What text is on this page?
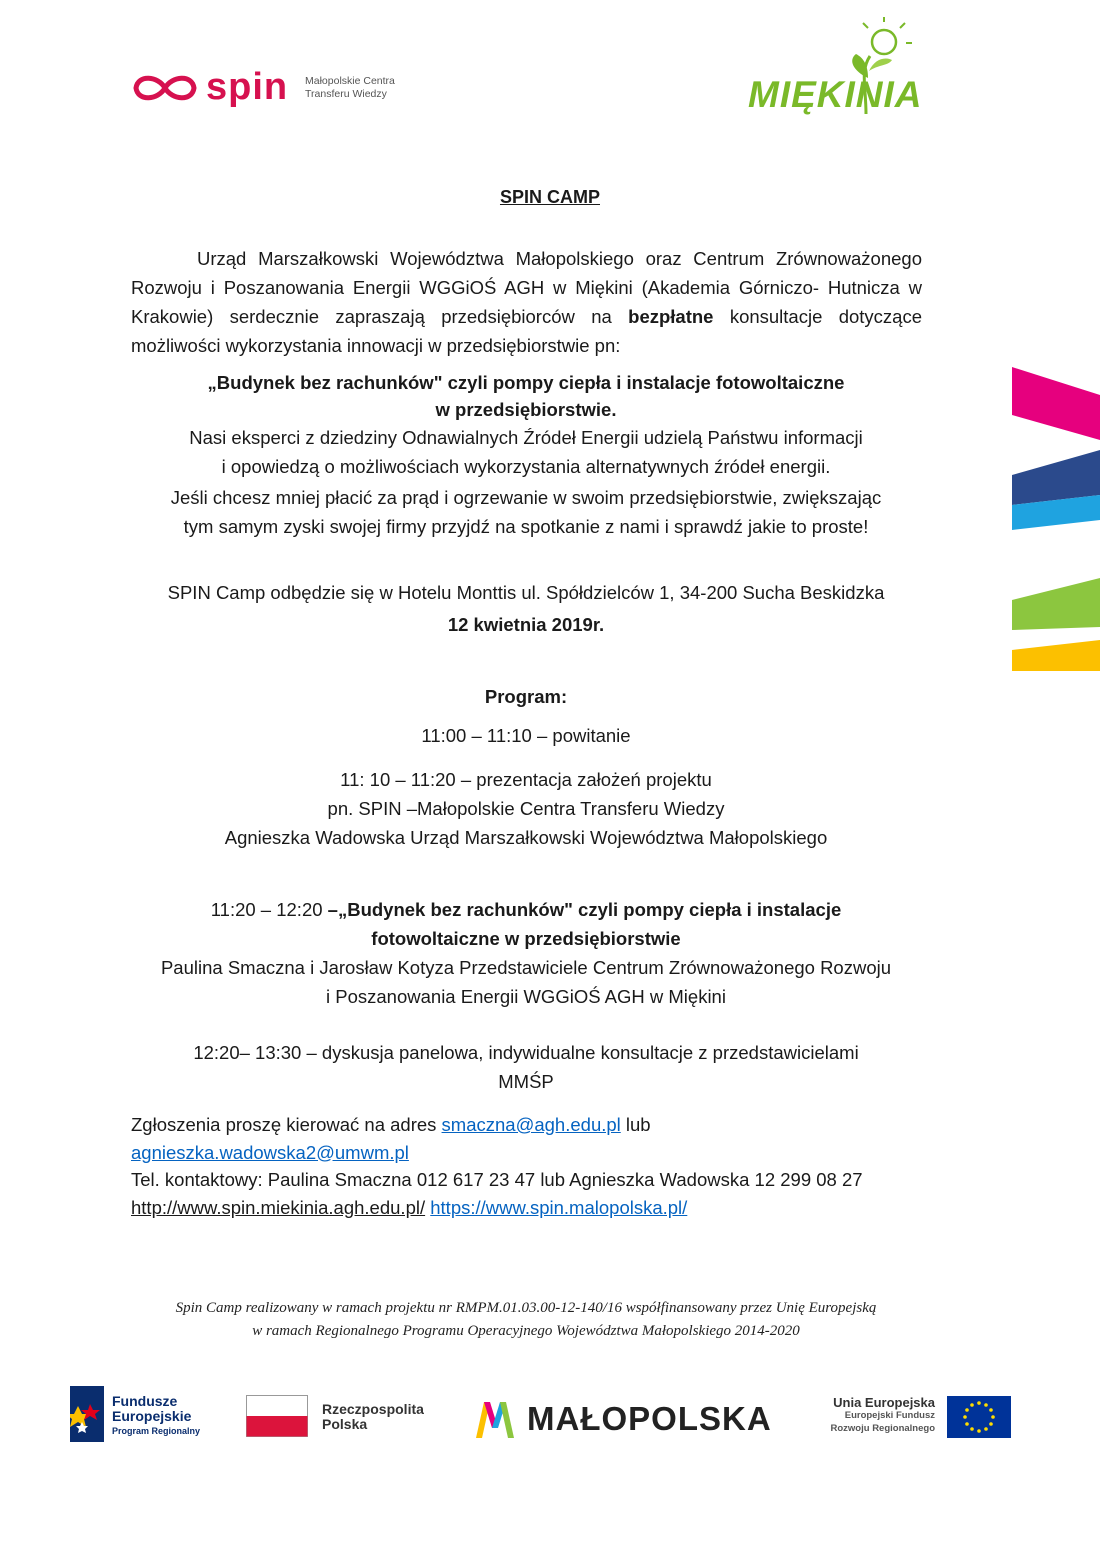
spin Małopolskie Centra Transferu Wiedzy	MIĘKINIA
SPIN CAMP
Urząd Marszałkowski Województwa Małopolskiego oraz Centrum Zrównoważonego Rozwoju i Poszanowania Energii WGGiOŚ AGH w Miękini (Akademia Górniczo- Hutnicza w Krakowie) serdecznie zapraszają przedsiębiorców na bezpłatne konsultacje dotyczące możliwości wykorzystania innowacji w przedsiębiorstwie pn:
„Budynek bez rachunków" czyli pompy ciepła i instalacje fotowoltaiczne
w przedsiębiorstwie.
Nasi eksperci z dziedziny Odnawialnych Źródeł Energii udzielą Państwu informacji
i opowiedzą o możliwościach wykorzystania alternatywnych źródeł energii.
Jeśli chcesz mniej płacić za prąd i ogrzewanie w swoim przedsiębiorstwie, zwiększając
tym samym zyski swojej firmy przyjdź na spotkanie z nami i sprawdź jakie to proste!
SPIN Camp odbędzie się w Hotelu Monttis ul. Spółdzielców 1, 34-200 Sucha Beskidzka
12 kwietnia 2019r.
Program:
11:00 – 11:10 – powitanie
11: 10 – 11:20 – prezentacja założeń projektu
pn. SPIN –Małopolskie Centra Transferu Wiedzy
Agnieszka Wadowska Urząd Marszałkowski Województwa Małopolskiego
11:20 – 12:20 –„Budynek bez rachunków" czyli pompy ciepła i instalacje
fotowoltaiczne w przedsiębiorstwie
Paulina Smaczna i Jarosław Kotyza Przedstawiciele Centrum Zrównoważonego Rozwoju
i Poszanowania Energii WGGiOŚ AGH w Miękini
12:20– 13:30 – dyskusja panelowa, indywidualne konsultacje z przedstawicielami
MMŚP
Zgłoszenia proszę kierować na adres smaczna@agh.edu.pl lub
agnieszka.wadowska2@umwm.pl
Tel. kontaktowy: Paulina Smaczna 012 617 23 47 lub Agnieszka Wadowska 12 299 08 27
http://www.spin.miekinia.agh.edu.pl/ https://www.spin.malopolska.pl/
Spin Camp realizowany w ramach projektu nr RMPM.01.03.00-12-140/16 współfinansowany przez Unię Europejską
w ramach Regionalnego Programu Operacyjnego Województwa Małopolskiego 2014-2020
Fundusze
Europejskie
Program Regionalny
Rzeczpospolita
Polska	MAŁOPOLSKA	Unia Europejska
Europejski Fundusz
Rozwoju Regionalnego
